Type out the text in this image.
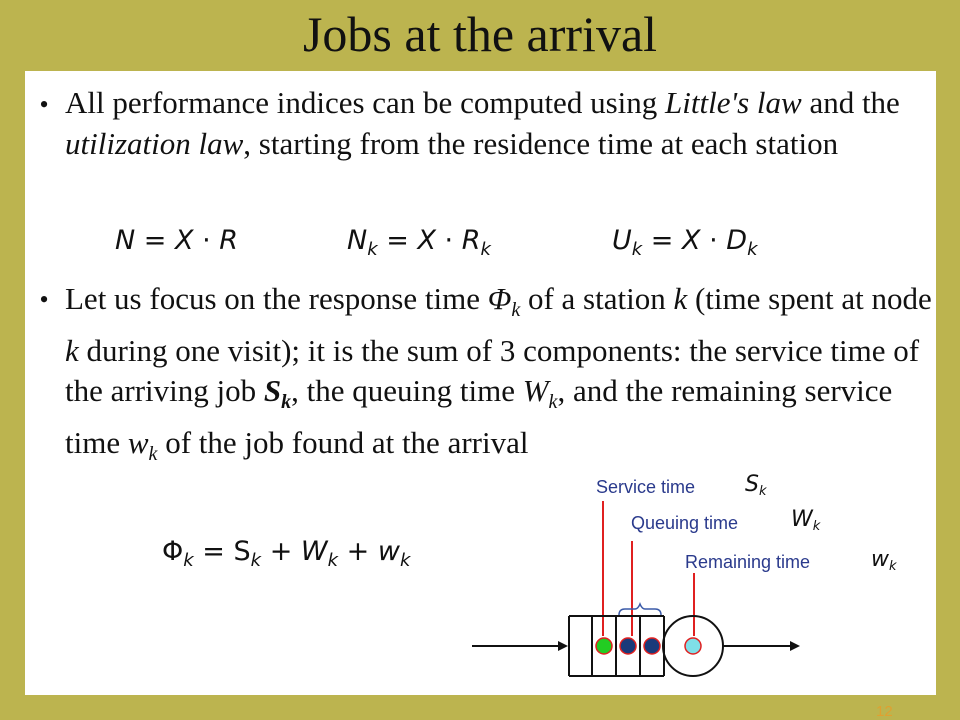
Jobs at the arrival
• All performance indices can be computed using Little's law and the utilization law, starting from the residence time at each station
N = X · R	$N_k = X \cdot R_k$	$U_k = X \cdot D_k$
• Let us focus on the response time $\Phi_k$ of a station k (time spent at node k during one visit); it is the sum of 3 components: the service time of the arriving job $S_k$, the queuing time $W_k$, and the remaining service time $w_k$ of the job found at the arrival
$\Phi_k = S_k + W_k + w_k$
Service time $S_k$
Queuing time $W_k$
Remaining time	$w_k$
12
